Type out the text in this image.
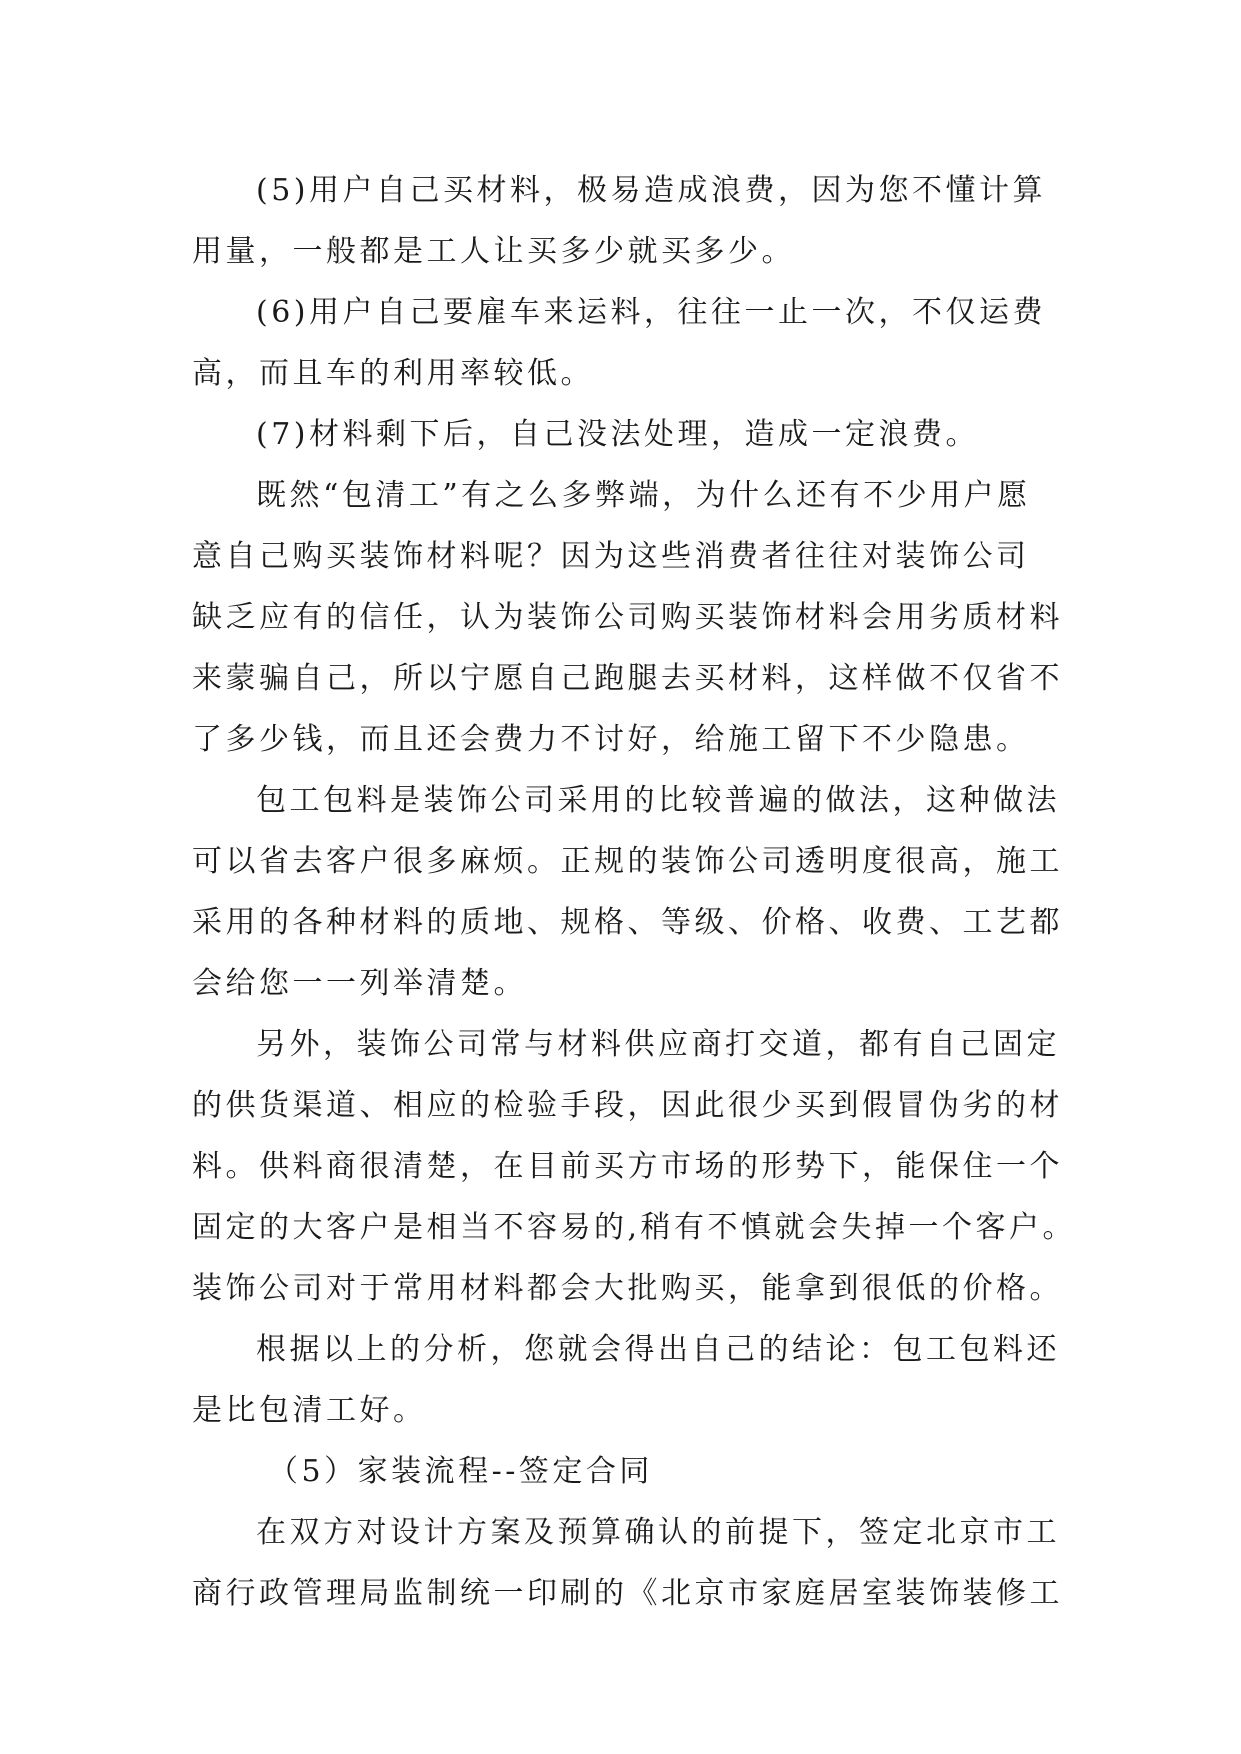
(5)用户自己买材料，极易造成浪费，因为您不懂计算
用量，一般都是工人让买多少就买多少。
(6)用户自己要雇车来运料，往往一止一次，不仅运费
高，而且车的利用率较低。
(7)材料剩下后，自己没法处理，造成一定浪费。
既然“包清工”有之么多弊端，为什么还有不少用户愿
意自己购买装饰材料呢？因为这些消费者往往对装饰公司
缺乏应有的信任，认为装饰公司购买装饰材料会用劣质材料
来蒙骗自己，所以宁愿自己跑腿去买材料，这样做不仅省不
了多少钱，而且还会费力不讨好，给施工留下不少隐患。
包工包料是装饰公司采用的比较普遍的做法，这种做法
可以省去客户很多麻烦。正规的装饰公司透明度很高，施工
采用的各种材料的质地、规格、等级、价格、收费、工艺都
会给您一一列举清楚。
另外，装饰公司常与材料供应商打交道，都有自己固定
的供货渠道、相应的检验手段，因此很少买到假冒伪劣的材
料。供料商很清楚，在目前买方市场的形势下，能保住一个
固定的大客户是相当不容易的,稍有不慎就会失掉一个客户。
装饰公司对于常用材料都会大批购买，能拿到很低的价格。
根据以上的分析，您就会得出自己的结论：包工包料还
是比包清工好。
（5）家装流程--签定合同
在双方对设计方案及预算确认的前提下，签定北京市工
商行政管理局监制统一印刷的《北京市家庭居室装饰装修工
